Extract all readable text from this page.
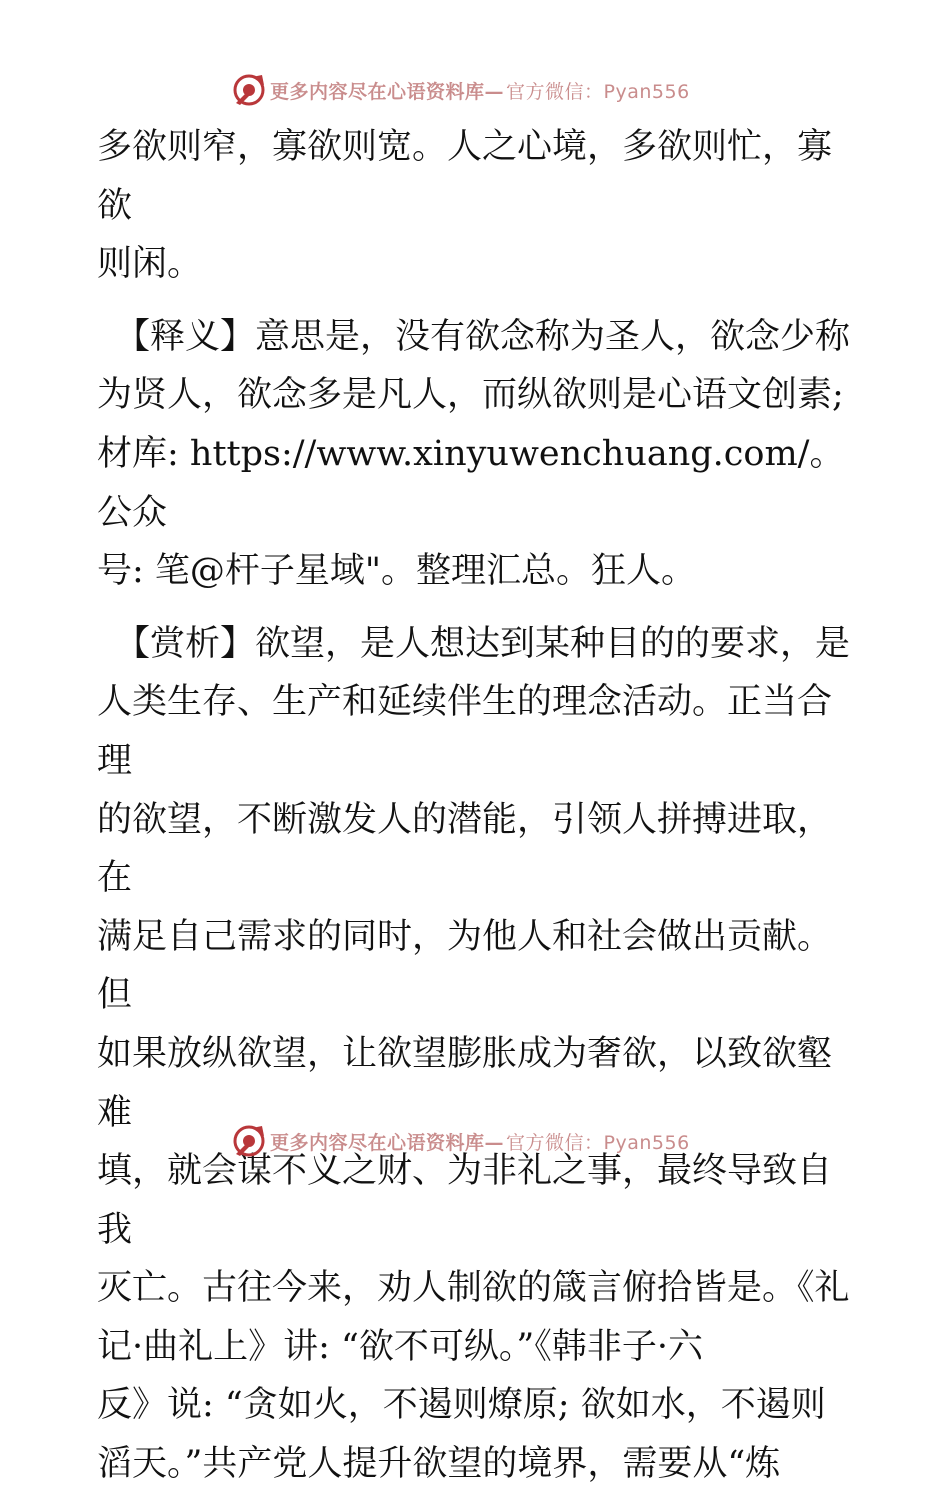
更多内容尽在心语资料库— 官方微信：Pyan556

多欲则窄，寡欲则宽。人之心境，多欲则忙，寡欲

则闲。

【释义】意思是，没有欲念称为圣人，欲念少称

为贤人，欲念多是凡人，而纵欲则是心语文创素;

材库: https://www.xinyuwenchuang.com/。公众

号: 笔@杆子星域"。整理汇总。狂人。

【赏析】欲望，是人想达到某种目的的要求，是

人类生存、生产和延续伴生的理念活动。正当合理

的欲望，不断激发人的潜能，引领人拼搏进取，在

满足自己需求的同时，为他人和社会做出贡献。但

如果放纵欲望，让欲望膨胀成为奢欲，以致欲壑难

填，就会谋不义之财、为非礼之事，最终导致自我

灭亡。古往今来，劝人制欲的箴言俯拾皆是。《礼

记·曲礼上》讲: “欲不可纵。”《韩非子·六

反》说: “贪如火，不遏则燎原; 欲如水，不遏则

滔天。”共产党人提升欲望的境界，需要从“炼

更多内容尽在心语资料库— 官方微信：Pyan556
